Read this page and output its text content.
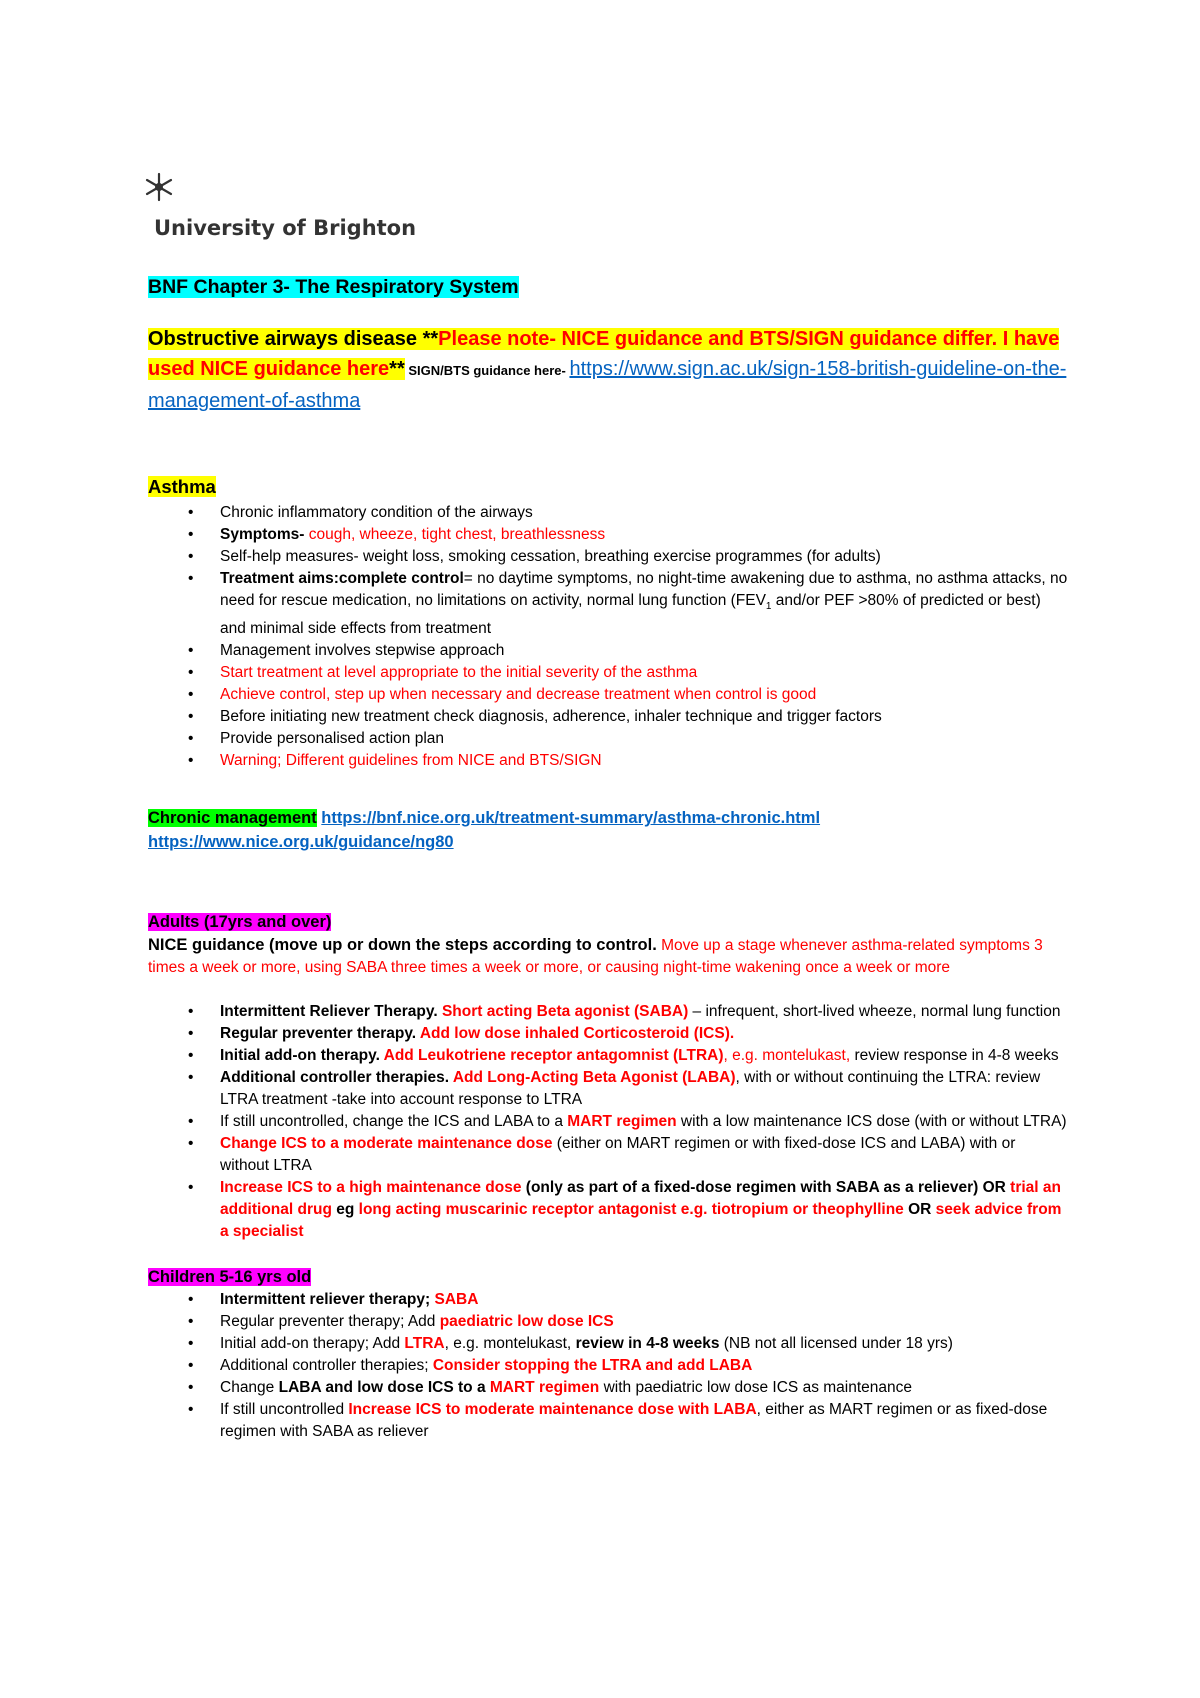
University of Brighton

BNF Chapter 3- The Respiratory System

Obstructive airways disease **Please note- NICE guidance and BTS/SIGN guidance differ. I have used NICE guidance here** SIGN/BTS guidance here- https://www.sign.ac.uk/sign-158-british-guideline-on-the-management-of-asthma

Asthma

• Chronic inflammatory condition of the airways
• Symptoms- cough, wheeze, tight chest, breathlessness
• Self-help measures- weight loss, smoking cessation, breathing exercise programmes (for adults)
• Treatment aims:complete control= no daytime symptoms, no night-time awakening due to asthma, no asthma attacks, no need for rescue medication, no limitations on activity, normal lung function ($FEV_1$ and/or PEF >80% of predicted or best) and minimal side effects from treatment
• Management involves stepwise approach
• Start treatment at level appropriate to the initial severity of the asthma
• Achieve control, step up when necessary and decrease treatment when control is good
• Before initiating new treatment check diagnosis, adherence, inhaler technique and trigger factors
• Provide personalised action plan
• Warning; Different guidelines from NICE and BTS/SIGN

Chronic management https://bnf.nice.org.uk/treatment-summary/asthma-chronic.html
https://www.nice.org.uk/guidance/ng80

Adults (17yrs and over)

NICE guidance (move up or down the steps according to control. Move up a stage whenever asthma-related symptoms 3 times a week or more, using SABA three times a week or more, or causing night-time wakening once a week or more

• Intermittent Reliever Therapy. Short acting Beta agonist (SABA) – infrequent, short-lived wheeze, normal lung function
• Regular preventer therapy. Add low dose inhaled Corticosteroid (ICS).
• Initial add-on therapy. Add Leukotriene receptor antagomnist (LTRA), e.g. montelukast, review response in 4-8 weeks
• Additional controller therapies. Add Long-Acting Beta Agonist (LABA), with or without continuing the LTRA: review LTRA treatment -take into account response to LTRA
• If still uncontrolled, change the ICS and LABA to a MART regimen with a low maintenance ICS dose (with or without LTRA)
• Change ICS to a moderate maintenance dose (either on MART regimen or with fixed-dose ICS and LABA) with or without LTRA
• Increase ICS to a high maintenance dose (only as part of a fixed-dose regimen with SABA as a reliever) OR trial an additional drug eg long acting muscarinic receptor antagonist e.g. tiotropium or theophylline OR seek advice from a specialist

Children 5-16 yrs old

• Intermittent reliever therapy; SABA
• Regular preventer therapy; Add paediatric low dose ICS
• Initial add-on therapy; Add LTRA, e.g. montelukast, review in 4-8 weeks (NB not all licensed under 18 yrs)
• Additional controller therapies; Consider stopping the LTRA and add LABA
• Change LABA and low dose ICS to a MART regimen with paediatric low dose ICS as maintenance
• If still uncontrolled Increase ICS to moderate maintenance dose with LABA, either as MART regimen or as fixed-dose regimen with SABA as reliever
